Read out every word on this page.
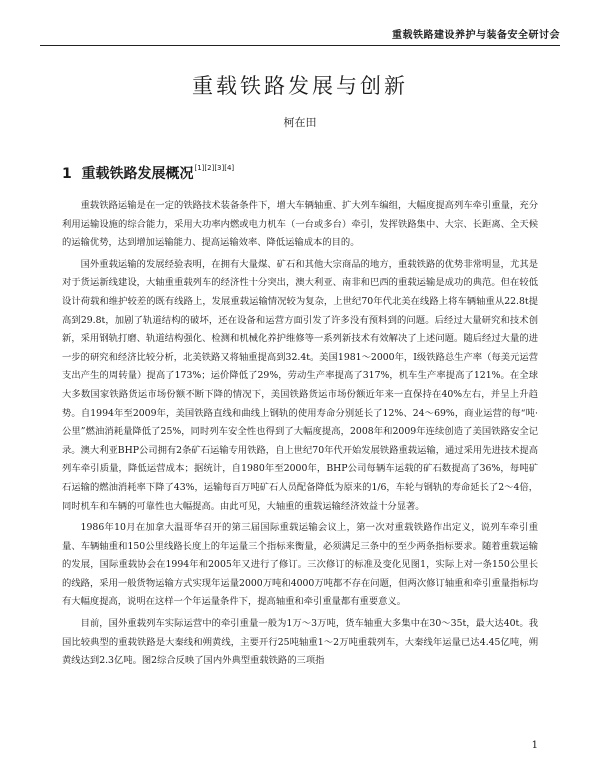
重载铁路建设养护与装备安全研讨会
重载铁路发展与创新
柯在田
1 重载铁路发展概况[1][2][3][4]

重载铁路运输是在一定的铁路技术装备条件下，增大车辆轴重、扩大列车编组，大幅度提高列车牵引重量，充分利用运输设施的综合能力，采用大功率内燃或电力机车（一台或多台）牵引，发挥铁路集中、大宗、长距离、全天候的运输优势，达到增加运输能力、提高运输效率、降低运输成本的目的。

国外重载运输的发展经验表明，在拥有大量煤、矿石和其他大宗商品的地方，重载铁路的优势非常明显，尤其是对于货运新线建设，大轴重重载列车的经济性十分突出，澳大利亚、南非和巴西的重载运输是成功的典范。但在较低设计荷载和维护较差的既有线路上，发展重载运输情况较为复杂，上世纪70年代北美在线路上将车辆轴重从22.8t提高到29.8t，加剧了轨道结构的破坏，还在设备和运营方面引发了许多没有预料到的问题。后经过大量研究和技术创新，采用钢轨打磨、轨道结构强化、检测和机械化养护维修等一系列新技术有效解决了上述问题。随后经过大量的进一步的研究和经济比较分析，北美铁路又将轴重提高到32.4t。美国1981～2000年，Ⅰ级铁路总生产率（每美元运营支出产生的周转量）提高了173%；运价降低了29%，劳动生产率提高了317%，机车生产率提高了121%。在全球大多数国家铁路货运市场份额不断下降的情况下，美国铁路货运市场份额近年来一直保持在40%左右，并呈上升趋势。自1994年至2009年，美国铁路直线和曲线上钢轨的使用寿命分别延长了12%、24～69%，商业运营的每“吨·公里”燃油消耗量降低了25%，同时列车安全性也得到了大幅度提高，2008年和2009年连续创造了美国铁路安全记录。澳大利亚BHP公司拥有2条矿石运输专用铁路，自上世纪70年代开始发展铁路重载运输，通过采用先进技术提高列车牵引质量，降低运营成本；据统计，自1980年至2000年，BHP公司每辆车运载的矿石数提高了36%，每吨矿石运输的燃油消耗率下降了43%，运输每百万吨矿石人员配备降低为原来的1/6，车轮与钢轨的寿命延长了2～4倍，同时机车和车辆的可靠性也大幅提高。由此可见，大轴重的重载运输经济效益十分显著。

1986年10月在加拿大温哥华召开的第三届国际重载运输会议上，第一次对重载铁路作出定义，说列车牵引重量、车辆轴重和150公里线路长度上的年运量三个指标来衡量，必须满足三条中的至少两条指标要求。随着重载运输的发展，国际重载协会在1994年和2005年又进行了修订。三次修订的标准及变化见图1，实际上对一条150公里长的线路，采用一般货物运输方式实现年运量2000万吨和4000万吨都不存在问题，但两次修订轴重和牵引重量指标均有大幅度提高，说明在这样一个年运量条件下，提高轴重和牵引重量都有重要意义。

目前，国外重载列车实际运营中的牵引重量一般为1万～3万吨，货车轴重大多集中在30～35t，最大达40t。我国比较典型的重载铁路是大秦线和朔黄线，主要开行25吨轴重1～2万吨重载列车，大秦线年运量已达4.45亿吨，朔黄线达到2.3亿吨。图2综合反映了国内外典型重载铁路的三项指

1
